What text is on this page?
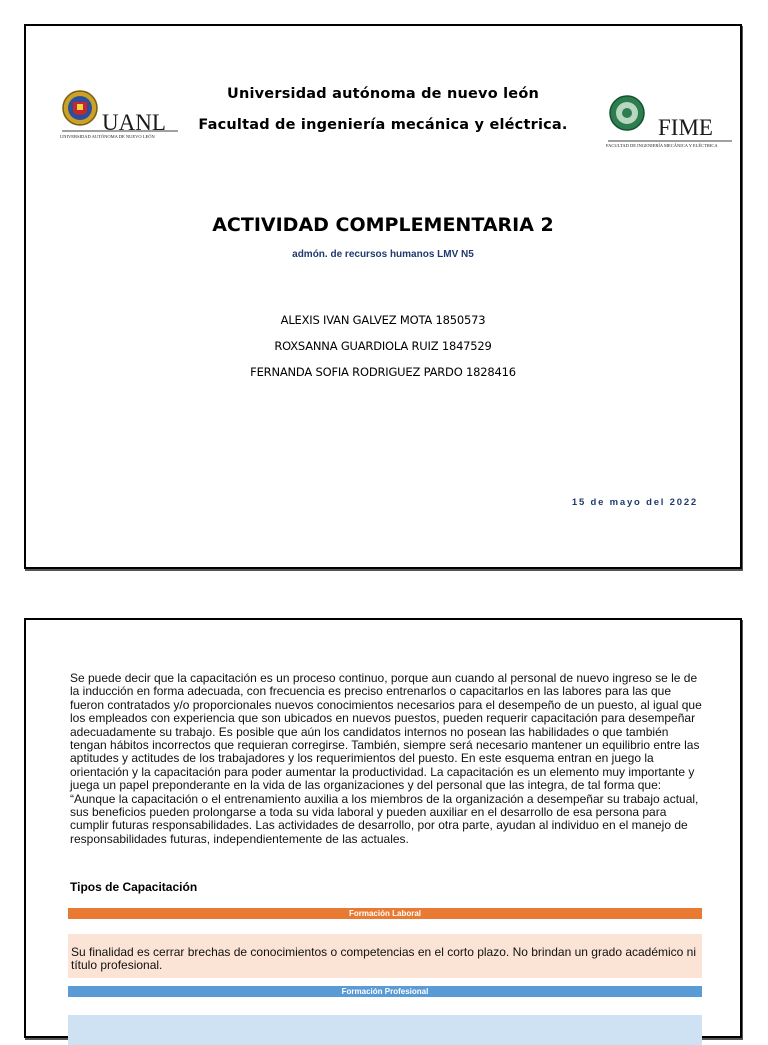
UANL
UNIVERSIDAD AUTÓNOMA DE NUEVO LEÓN	FIME
FACULTAD DE INGENIERÍA MECÁNICA Y ELÉCTRICA
Universidad autónoma de nuevo león
Facultad de ingeniería mecánica y eléctrica.
ACTIVIDAD COMPLEMENTARIA 2
admón. de recursos humanos LMV N5
ALEXIS IVAN GALVEZ MOTA 1850573
ROXSANNA GUARDIOLA RUIZ 1847529
FERNANDA SOFIA RODRIGUEZ PARDO 1828416
15 de mayo del 2022
Se puede decir que la capacitación es un proceso continuo, porque aun cuando al personal de nuevo ingreso se le de la inducción en forma adecuada, con frecuencia es preciso entrenarlos o capacitarlos en las labores para las que fueron contratados y/o proporcionales nuevos conocimientos necesarios para el desempeño de un puesto, al igual que los empleados con experiencia que son ubicados en nuevos puestos, pueden requerir capacitación para desempeñar adecuadamente su trabajo. Es posible que aún los candidatos internos no posean las habilidades o que también tengan hábitos incorrectos que requieran corregirse. También, siempre será necesario mantener un equilibrio entre las aptitudes y actitudes de los trabajadores y los requerimientos del puesto. En este esquema entran en juego la orientación y la capacitación para poder aumentar la productividad. La capacitación es un elemento muy importante y juega un papel preponderante en la vida de las organizaciones y del personal que las integra, de tal forma que: “Aunque la capacitación o el entrenamiento auxilia a los miembros de la organización a desempeñar su trabajo actual, sus beneficios pueden prolongarse a toda su vida laboral y pueden auxiliar en el desarrollo de esa persona para cumplir futuras responsabilidades. Las actividades de desarrollo, por otra parte, ayudan al individuo en el manejo de responsabilidades futuras, independientemente de las actuales.
Tipos de Capacitación
Formación Laboral
Su finalidad es cerrar brechas de conocimientos o competencias en el corto plazo. No brindan un grado académico ni título profesional.
Formación Profesional
